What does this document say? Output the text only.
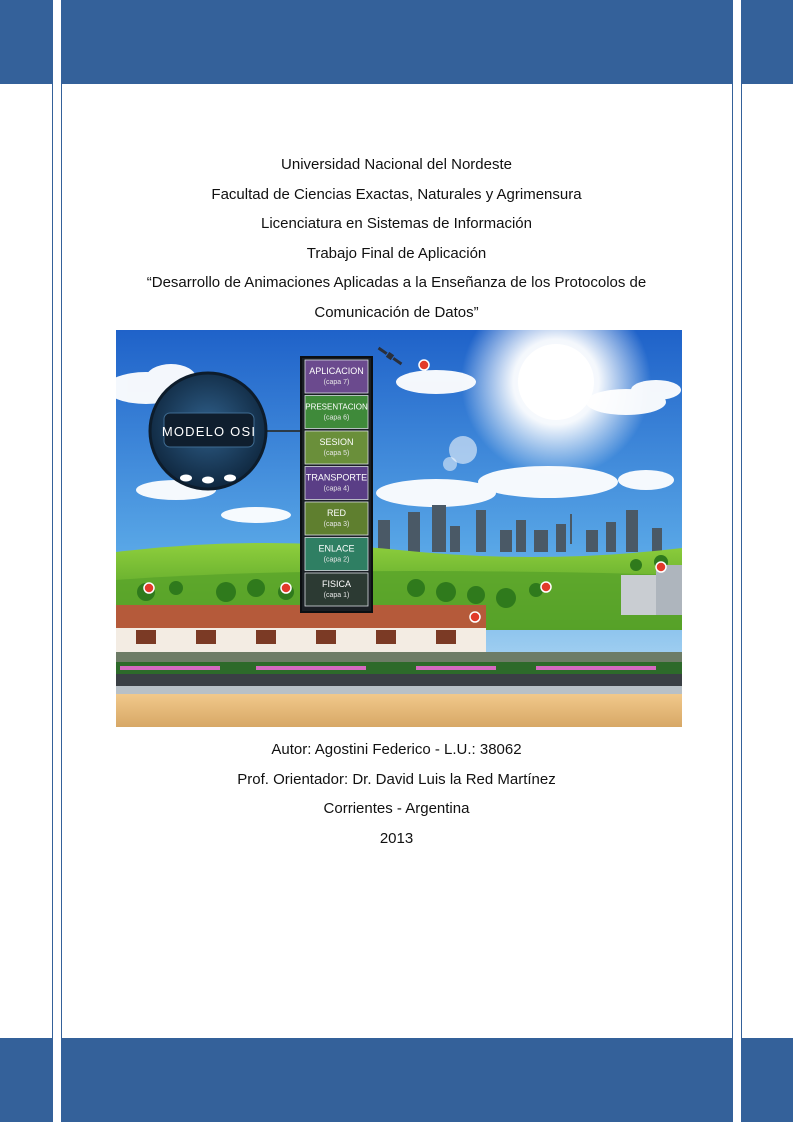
Universidad Nacional del Nordeste
Facultad de Ciencias Exactas, Naturales y Agrimensura
Licenciatura en Sistemas de Información
Trabajo Final de Aplicación
“Desarrollo de Animaciones Aplicadas a la Enseñanza de los Protocolos de
Comunicación de Datos”
MODELO OSI
APLICACION
(capa 7)
PRESENTACION
(capa 6)
SESION
(capa 5)
TRANSPORTE
(capa 4)
RED
(capa 3)
ENLACE
(capa 2)
FISICA
(capa 1)
Autor: Agostini Federico - L.U.: 38062
Prof. Orientador: Dr. David Luis la Red Martínez
Corrientes - Argentina
2013
